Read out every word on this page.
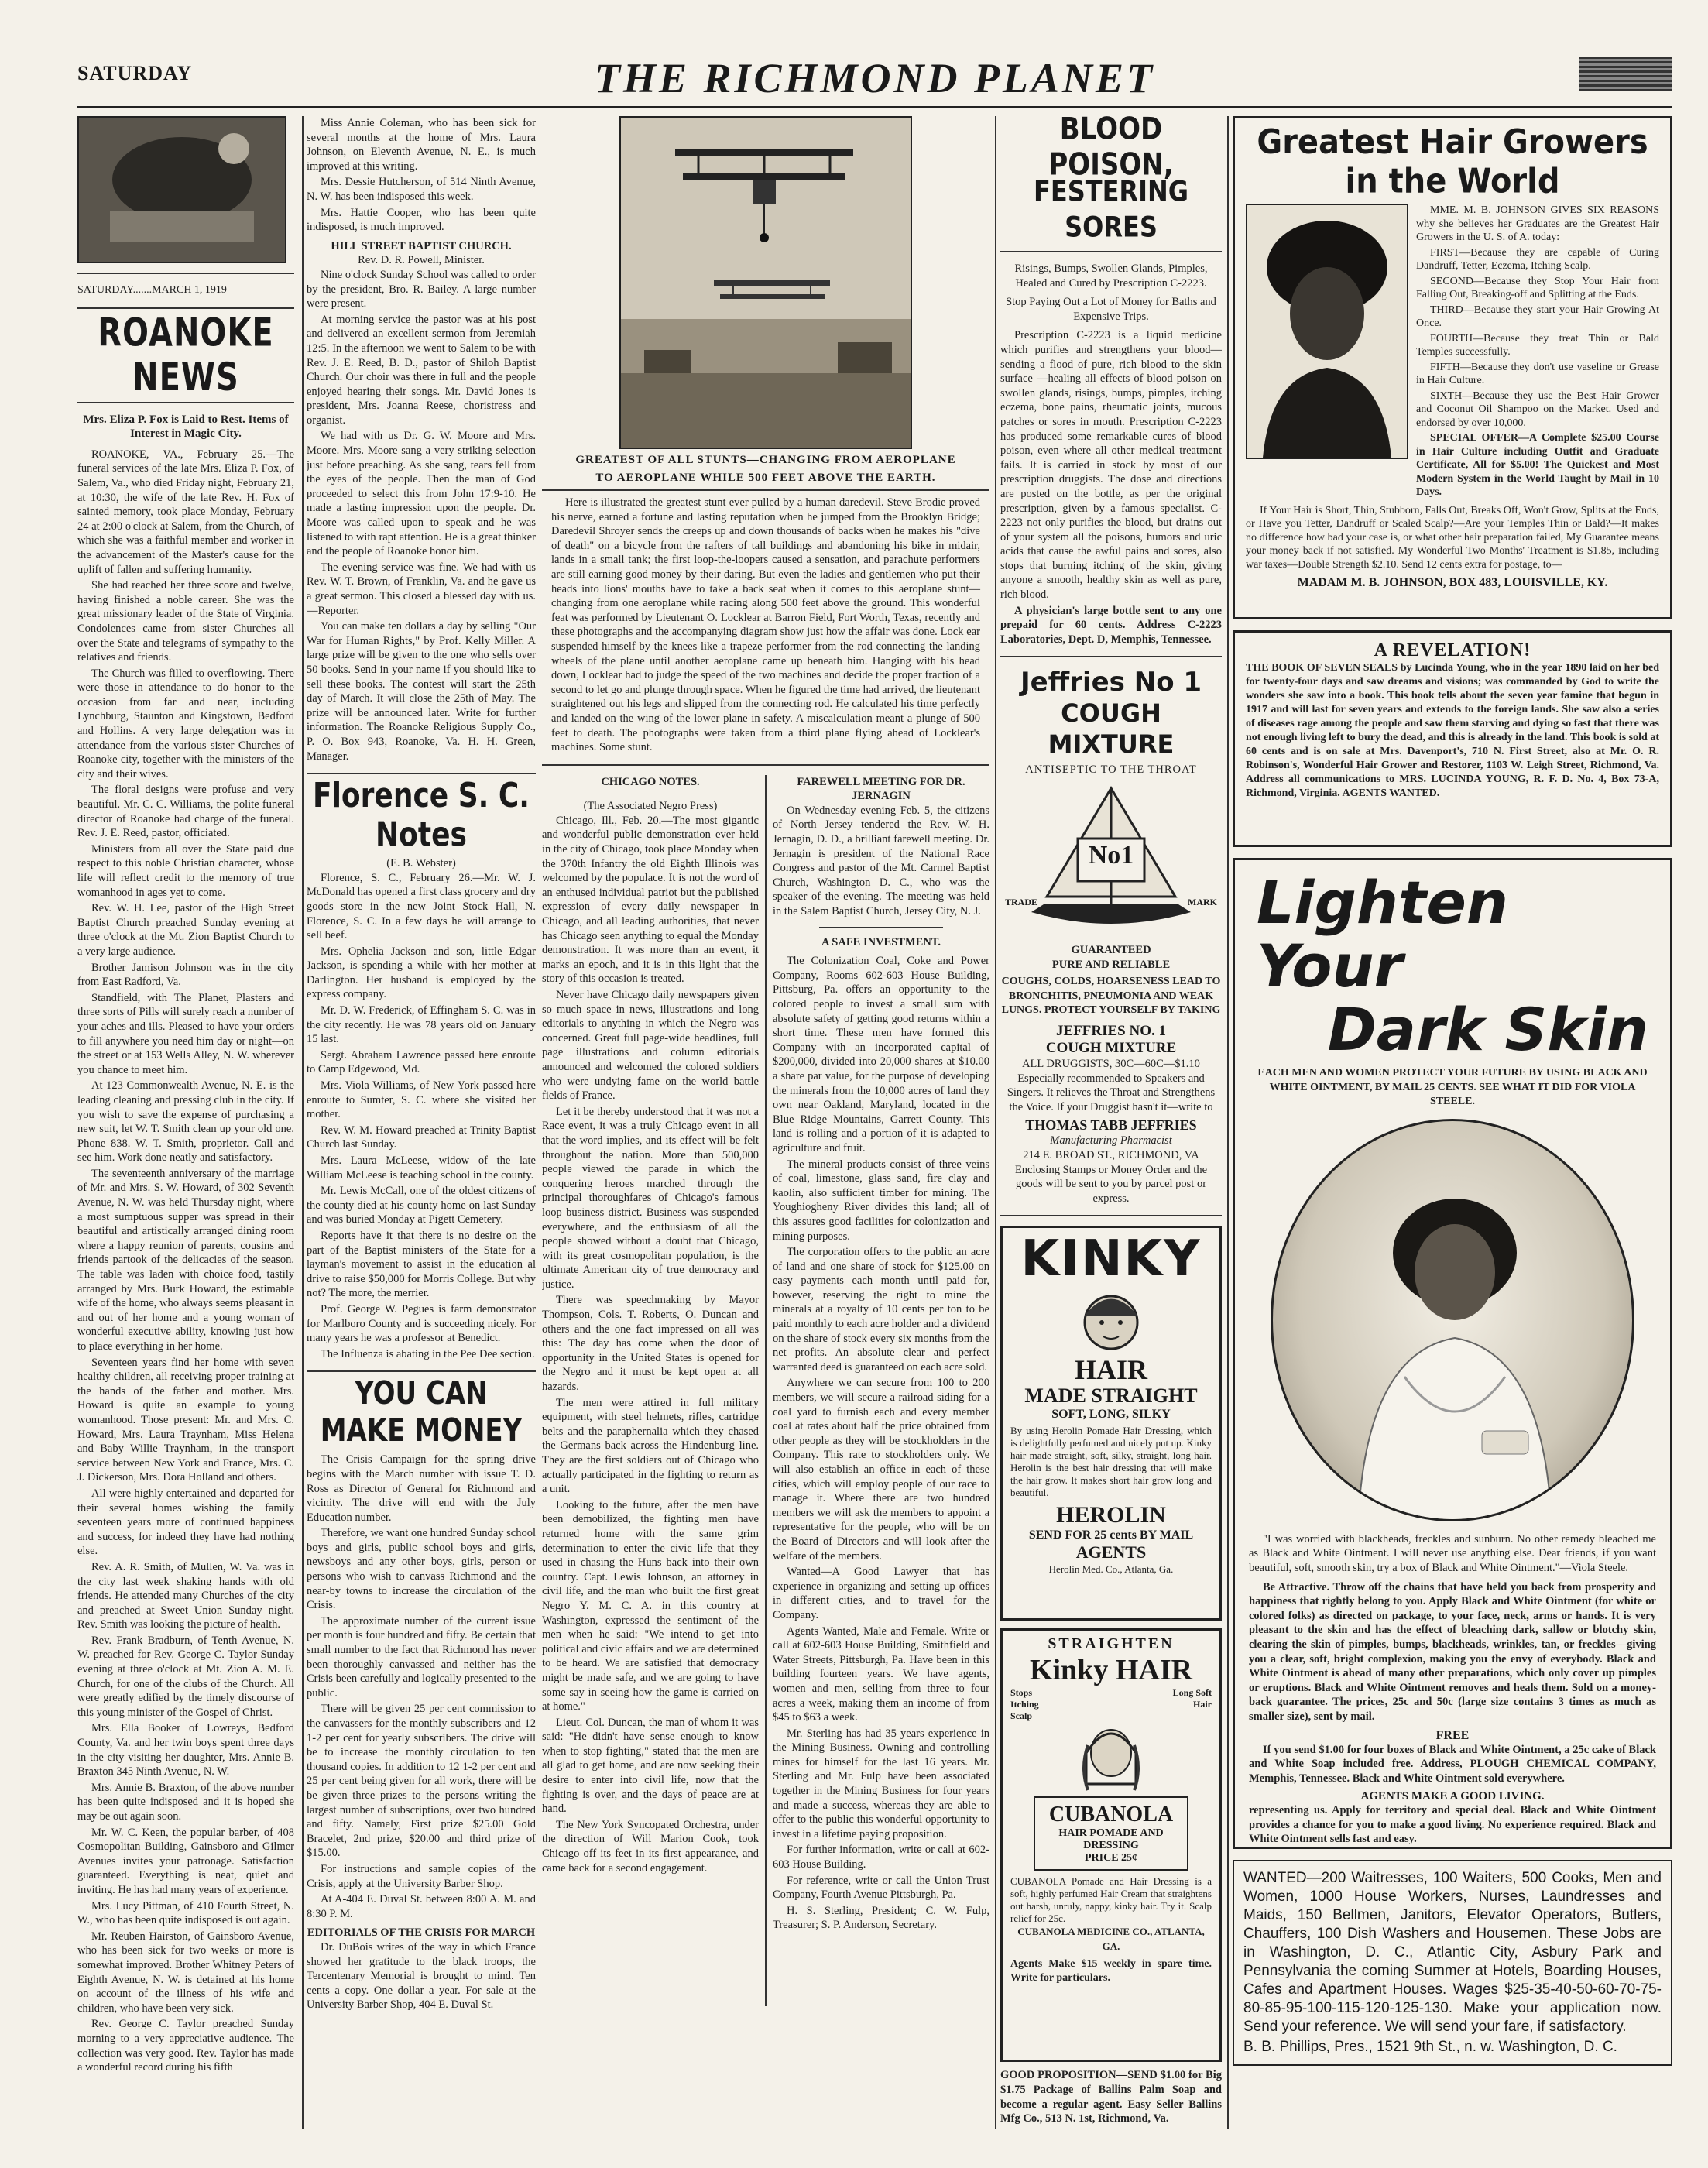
SATURDAY	THE RICHMOND PLANET
SATURDAY.......MARCH 1, 1919
ROANOKE NEWS
Mrs. Eliza P. Fox is Laid to Rest. Items of Interest in Magic City.

ROANOKE, VA., February 25.—The funeral services of the late Mrs. Eliza P. Fox, of Salem, Va., who died Friday night, February 21, at 10:30, the wife of the late Rev. H. Fox of sainted memory, took place Monday, February 24 at 2:00 o'clock at Salem, from the Church, of which she was a faithful member and worker in the advancement of the Master's cause for the uplift of fallen and suffering humanity.

She had reached her three score and twelve, having finished a noble career. She was the great missionary leader of the State of Virginia. Condolences came from sister Churches all over the State and telegrams of sympathy to the relatives and friends.

The Church was filled to overflowing. There were those in attendance to do honor to the occasion from far and near, including Lynchburg, Staunton and Kingstown, Bedford and Hollins. A very large delegation was in attendance from the various sister Churches of Roanoke city, together with the ministers of the city and their wives.

The floral designs were profuse and very beautiful. Mr. C. C. Williams, the polite funeral director of Roanoke had charge of the funeral. Rev. J. E. Reed, pastor, officiated.

Ministers from all over the State paid due respect to this noble Christian character, whose life will reflect credit to the memory of true womanhood in ages yet to come.

Rev. W. H. Lee, pastor of the High Street Baptist Church preached Sunday evening at three o'clock at the Mt. Zion Baptist Church to a very large audience.

Brother Jamison Johnson was in the city from East Radford, Va.

Standfield, with The Planet, Plasters and three sorts of Pills will surely reach a number of your aches and ills. Pleased to have your orders to fill anywhere you need him day or night—on the street or at 153 Wells Alley, N. W. wherever you chance to meet him.

At 123 Commonwealth Avenue, N. E. is the leading cleaning and pressing club in the city. If you wish to save the expense of purchasing a new suit, let W. T. Smith clean up your old one. Phone 838. W. T. Smith, proprietor. Call and see him. Work done neatly and satisfactory.

The seventeenth anniversary of the marriage of Mr. and Mrs. S. W. Howard, of 302 Seventh Avenue, N. W. was held Thursday night, where a most sumptuous supper was spread in their beautiful and artistically arranged dining room where a happy reunion of parents, cousins and friends partook of the delicacies of the season. The table was laden with choice food, tastily arranged by Mrs. Burk Howard, the estimable wife of the home, who always seems pleasant in and out of her home and a young woman of wonderful executive ability, knowing just how to place everything in her home.

Seventeen years find her home with seven healthy children, all receiving proper training at the hands of the father and mother. Mrs. Howard is quite an example to young womanhood. Those present: Mr. and Mrs. C. Howard, Mrs. Laura Traynham, Miss Helena and Baby Willie Traynham, in the transport service between New York and France, Mrs. C. J. Dickerson, Mrs. Dora Holland and others.

All were highly entertained and departed for their several homes wishing the family seventeen years more of continued happiness and success, for indeed they have had nothing else.

Rev. A. R. Smith, of Mullen, W. Va. was in the city last week shaking hands with old friends. He attended many Churches of the city and preached at Sweet Union Sunday night. Rev. Smith was looking the picture of health.

Rev. Frank Bradburn, of Tenth Avenue, N. W. preached for Rev. George C. Taylor Sunday evening at three o'clock at Mt. Zion A. M. E. Church, for one of the clubs of the Church. All were greatly edified by the timely discourse of this young minister of the Gospel of Christ.

Mrs. Ella Booker of Lowreys, Bedford County, Va. and her twin boys spent three days in the city visiting her daughter, Mrs. Annie B. Braxton 345 Ninth Avenue, N. W.

Mrs. Annie B. Braxton, of the above number has been quite indisposed and it is hoped she may be out again soon.

Mr. W. C. Keen, the popular barber, of 408 Cosmopolitan Building, Gainsboro and Gilmer Avenues invites your patronage. Satisfaction guaranteed. Everything is neat, quiet and inviting. He has had many years of experience.

Mrs. Lucy Pittman, of 410 Fourth Street, N. W., who has been quite indisposed is out again.

Mr. Reuben Hairston, of Gainsboro Avenue, who has been sick for two weeks or more is somewhat improved. Brother Whitney Peters of Eighth Avenue, N. W. is detained at his home on account of the illness of his wife and children, who have been very sick.

Rev. George C. Taylor preached Sunday morning to a very appreciative audience. The collection was very good. Rev. Taylor has made a wonderful record during his fifth

Miss Annie Coleman, who has been sick for several months at the home of Mrs. Laura Johnson, on Eleventh Avenue, N. E., is much improved at this writing.

Mrs. Dessie Hutcherson, of 514 Ninth Avenue, N. W. has been indisposed this week.

Mrs. Hattie Cooper, who has been quite indisposed, is much improved.

HILL STREET BAPTIST CHURCH.
Rev. D. R. Powell, Minister.

Nine o'clock Sunday School was called to order by the president, Bro. R. Bailey. A large number were present.

At morning service the pastor was at his post and delivered an excellent sermon from Jeremiah 12:5. In the afternoon we went to Salem to be with Rev. J. E. Reed, B. D., pastor of Shiloh Baptist Church. Our choir was there in full and the people enjoyed hearing their songs. Mr. David Jones is president, Mrs. Joanna Reese, choristress and organist.

We had with us Dr. G. W. Moore and Mrs. Moore. Mrs. Moore sang a very striking selection just before preaching. As she sang, tears fell from the eyes of the people. Then the man of God proceeded to select this from John 17:9-10. He made a lasting impression upon the people. Dr. Moore was called upon to speak and he was listened to with rapt attention. He is a great thinker and the people of Roanoke honor him.

The evening service was fine. We had with us Rev. W. T. Brown, of Franklin, Va. and he gave us a great sermon. This closed a blessed day with us.—Reporter.

You can make ten dollars a day by selling "Our War for Human Rights," by Prof. Kelly Miller. A large prize will be given to the one who sells over 50 books. Send in your name if you should like to sell these books. The contest will start the 25th day of March. It will close the 25th of May. The prize will be announced later. Write for further information. The Roanoke Religious Supply Co., P. O. Box 943, Roanoke, Va. H. H. Green, Manager.

Florence S. C. Notes
(E. B. Webster)

Florence, S. C., February 26.—Mr. W. J. McDonald has opened a first class grocery and dry goods store in the new Joint Stock Hall, N. Florence, S. C. In a few days he will arrange to sell beef.

Mrs. Ophelia Jackson and son, little Edgar Jackson, is spending a while with her mother at Darlington. Her husband is employed by the express company.

Mr. D. W. Frederick, of Effingham S. C. was in the city recently. He was 78 years old on January 15 last.

Sergt. Abraham Lawrence passed here enroute to Camp Edgewood, Md.

Mrs. Viola Williams, of New York passed here enroute to Sumter, S. C. where she visited her mother.

Rev. W. M. Howard preached at Trinity Baptist Church last Sunday.

Mrs. Laura McLeese, widow of the late William McLeese is teaching school in the county.

Mr. Lewis McCall, one of the oldest citizens of the county died at his county home on last Sunday and was buried Monday at Pigett Cemetery.

Reports have it that there is no desire on the part of the Baptist ministers of the State for a layman's movement to assist in the education al drive to raise $50,000 for Morris College. But why not? The more, the merrier.

Prof. George W. Pegues is farm demonstrator for Marlboro County and is succeeding nicely. For many years he was a professor at Benedict.

The Influenza is abating in the Pee Dee section.

YOU CAN MAKE MONEY

The Crisis Campaign for the spring drive begins with the March number with issue T. D. Ross as Director of General for Richmond and vicinity. The drive will end with the July Education number.

Therefore, we want one hundred Sunday school boys and girls, public school boys and girls, newsboys and any other boys, girls, person or persons who wish to canvass Richmond and the near-by towns to increase the circulation of the Crisis.

The approximate number of the current issue per month is four hundred and fifty. Be certain that small number to the fact that Richmond has never been thoroughly canvassed and neither has the Crisis been carefully and logically presented to the public.

There will be given 25 per cent commission to the canvassers for the monthly subscribers and 12 1-2 per cent for yearly subscribers. The drive will be to increase the monthly circulation to ten thousand copies. In addition to 12 1-2 per cent and 25 per cent being given for all work, there will be be given three prizes to the persons writing the largest number of subscriptions, over two hundred and fifty. Namely, First prize $25.00 Gold Bracelet, 2nd prize, $20.00 and third prize of $15.00.

For instructions and sample copies of the Crisis, apply at the University Barber Shop.

At A-404 E. Duval St. between 8:00 A. M. and 8:30 P. M.

EDITORIALS OF THE CRISIS FOR MARCH

Dr. DuBois writes of the way in which France showed her gratitude to the black troops, the Tercentenary Memorial is brought to mind. Ten cents a copy. One dollar a year. For sale at the University Barber Shop, 404 E. Duval St.

GREATEST OF ALL STUNTS—CHANGING FROM AEROPLANE
TO AEROPLANE WHILE 500 FEET ABOVE THE EARTH.

Here is illustrated the greatest stunt ever pulled by a human daredevil. Steve Brodie proved his nerve, earned a fortune and lasting reputation when he jumped from the Brooklyn Bridge; Daredevil Shroyer sends the creeps up and down thousands of backs when he makes his "dive of death" on a bicycle from the rafters of tall buildings and abandoning his bike in midair, lands in a small tank; the first loop-the-loopers caused a sensation, and parachute performers are still earning good money by their daring. But even the ladies and gentlemen who put their heads into lions' mouths have to take a back seat when it comes to this aeroplane stunt—changing from one aeroplane while racing along 500 feet above the ground. This wonderful feat was performed by Lieutenant O. Locklear at Barron Field, Fort Worth, Texas, recently and these photographs and the accompanying diagram show just how the affair was done. Lock ear suspended himself by the knees like a trapeze performer from the rod connecting the landing wheels of the plane until another aeroplane came up beneath him. Hanging with his head down, Locklear had to judge the speed of the two machines and decide the proper fraction of a second to let go and plunge through space. When he figured the time had arrived, the lieutenant straightened out his legs and slipped from the connecting rod. He calculated his time perfectly and landed on the wing of the lower plane in safety. A miscalculation meant a plunge of 500 feet to death. The photographs were taken from a third plane flying ahead of Locklear's machines. Some stunt.

CHICAGO NOTES.
(The Associated Negro Press)

Chicago, Ill., Feb. 20.—The most gigantic and wonderful public demonstration ever held in the city of Chicago, took place Monday when the 370th Infantry the old Eighth Illinois was welcomed by the populace. It is not the word of an enthused individual patriot but the published expression of every daily newspaper in Chicago, and all leading authorities, that never has Chicago seen anything to equal the Monday demonstration. It was more than an event, it marks an epoch, and it is in this light that the story of this occasion is treated.

Never have Chicago daily newspapers given so much space in news, illustrations and long editorials to anything in which the Negro was concerned. Great full page-wide headlines, full page illustrations and column editorials announced and welcomed the colored soldiers who were undying fame on the world battle fields of France.

Let it be thereby understood that it was not a Race event, it was a truly Chicago event in all that the word implies, and its effect will be felt throughout the nation. More than 500,000 people viewed the parade in which the conquering heroes marched through the principal thoroughfares of Chicago's famous loop business district. Business was suspended everywhere, and the enthusiasm of all the people showed without a doubt that Chicago, with its great cosmopolitan population, is the ultimate American city of true democracy and justice.

There was speechmaking by Mayor Thompson, Cols. T. Roberts, O. Duncan and others and the one fact impressed on all was this: The day has come when the door of opportunity in the United States is opened for the Negro and it must be kept open at all hazards.

The men were attired in full military equipment, with steel helmets, rifles, cartridge belts and the paraphernalia which they chased the Germans back across the Hindenburg line. They are the first soldiers out of Chicago who actually participated in the fighting to return as a unit.

Looking to the future, after the men have been demobilized, the fighting men have returned home with the same grim determination to enter the civic life that they used in chasing the Huns back into their own country. Capt. Lewis Johnson, an attorney in civil life, and the man who built the first great Negro Y. M. C. A. in this country at Washington, expressed the sentiment of the men when he said: "We intend to get into political and civic affairs and we are determined to be heard. We are satisfied that democracy might be made safe, and we are going to have some say in seeing how the game is carried on at home."

Lieut. Col. Duncan, the man of whom it was said: "He didn't have sense enough to know when to stop fighting," stated that the men are all glad to get home, and are now seeking their desire to enter into civil life, now that the fighting is over, and the days of peace are at hand.

The New York Syncopated Orchestra, under the direction of Will Marion Cook, took Chicago off its feet in its first appearance, and came back for a second engagement.

FAREWELL MEETING FOR DR. JERNAGIN

On Wednesday evening Feb. 5, the citizens of North Jersey tendered the Rev. W. H. Jernagin, D. D., a brilliant farewell meeting. Dr. Jernagin is president of the National Race Congress and pastor of the Mt. Carmel Baptist Church, Washington D. C., who was the speaker of the evening. The meeting was held in the Salem Baptist Church, Jersey City, N. J.

A SAFE INVESTMENT.

The Colonization Coal, Coke and Power Company, Rooms 602-603 House Building, Pittsburg, Pa. offers an opportunity to the colored people to invest a small sum with absolute safety of getting good returns within a short time. These men have formed this Company with an incorporated capital of $200,000, divided into 20,000 shares at $10.00 a share par value, for the purpose of developing the minerals from the 10,000 acres of land they own near Oakland, Maryland, located in the Blue Ridge Mountains, Garrett County. This land is rolling and a portion of it is adapted to agriculture and fruit.

The mineral products consist of three veins of coal, limestone, glass sand, fire clay and kaolin, also sufficient timber for mining. The Youghiogheny River divides this land; all of this assures good facilities for colonization and mining purposes.

The corporation offers to the public an acre of land and one share of stock for $125.00 on easy payments each month until paid for, however, reserving the right to mine the minerals at a royalty of 10 cents per ton to be paid monthly to each acre holder and a dividend on the share of stock every six months from the net profits. An absolute clear and perfect warranted deed is guaranteed on each acre sold.

Anywhere we can secure from 100 to 200 members, we will secure a railroad siding for a coal yard to furnish each and every member coal at rates about half the price obtained from other people as they will be stockholders in the Company. This rate to stockholders only. We will also establish an office in each of these cities, which will employ people of our race to manage it. Where there are two hundred members we will ask the members to appoint a representative for the people, who will be on the Board of Directors and will look after the welfare of the members.

Wanted—A Good Lawyer that has experience in organizing and setting up offices in different cities, and to travel for the Company.

Agents Wanted, Male and Female. Write or call at 602-603 House Building, Smithfield and Water Streets, Pittsburgh, Pa. Have been in this building fourteen years. We have agents, women and men, selling from three to four acres a week, making them an income of from $45 to $63 a week.

Mr. Sterling has had 35 years experience in the Mining Business. Owning and controlling mines for himself for the last 16 years. Mr. Sterling and Mr. Fulp have been associated together in the Mining Business for four years and made a success, whereas they are able to offer to the public this wonderful opportunity to invest in a lifetime paying proposition.

For further information, write or call at 602-603 House Building.

For reference, write or call the Union Trust Company, Fourth Avenue Pittsburgh, Pa.

H. S. Sterling, President; C. W. Fulp, Treasurer; S. P. Anderson, Secretary.

BLOOD POISON,
FESTERING SORES
Risings, Bumps, Swollen Glands, Pimples, Healed and Cured by Prescription C-2223.
Stop Paying Out a Lot of Money for Baths and Expensive Trips.

Prescription C-2223 is a liquid medicine which purifies and strengthens your blood—sending a flood of pure, rich blood to the skin surface —healing all effects of blood poison on swollen glands, risings, bumps, pimples, itching eczema, bone pains, rheumatic joints, mucous patches or sores in mouth. Prescription C-2223 has produced some remarkable cures of blood poison, even where all other medical treatment fails. It is carried in stock by most of our prescription druggists. The dose and directions are posted on the bottle, as per the original prescription, given by a famous specialist. C-2223 not only purifies the blood, but drains out of your system all the poisons, humors and uric acids that cause the awful pains and sores, also stops that burning itching of the skin, giving anyone a smooth, healthy skin as well as pure, rich blood.

A physician's large bottle sent to any one prepaid for 60 cents. Address C-2223 Laboratories, Dept. D, Memphis, Tennessee.

Jeffries No 1
COUGH MIXTURE
ANTISEPTIC TO THE THROAT
No1
TRADE	MARK
GUARANTEED
PURE AND RELIABLE
COUGHS, COLDS, HOARSENESS LEAD TO BRONCHITIS, PNEUMONIA AND WEAK LUNGS. PROTECT YOURSELF BY TAKING
JEFFRIES NO. 1
COUGH MIXTURE
ALL DRUGGISTS, 30C—60C—$1.10 Especially recommended to Speakers and Singers. It relieves the Throat and Strengthens the Voice. If your Druggist hasn't it—write to
THOMAS TABB JEFFRIES
Manufacturing Pharmacist
214 E. BROAD ST., RICHMOND, VA Enclosing Stamps or Money Order and the goods will be sent to you by parcel post or express.
KINKY
HAIR
MADE STRAIGHT
SOFT, LONG, SILKY
By using Herolin Pomade Hair Dressing, which is delightfully perfumed and nicely put up. Kinky hair made straight, soft, silky, straight, long hair. Herolin is the best hair dressing that will make the hair grow. It makes short hair grow long and beautiful.
HEROLIN
SEND FOR 25 cents BY MAIL
AGENTS
Herolin Med. Co., Atlanta, Ga.
STRAIGHTEN
Kinky HAIR
Stops Itching Scalp
Long Soft Hair
CUBANOLA
HAIR POMADE AND DRESSING
PRICE 25¢
CUBANOLA Pomade and Hair Dressing is a soft, highly perfumed Hair Cream that straightens out harsh, unruly, nappy, kinky hair. Try it. Scalp relief for 25c.
CUBANOLA MEDICINE CO., ATLANTA, GA.
Agents Make $15 weekly in spare time. Write for particulars.
GOOD PROPOSITION—SEND $1.00 for Big $1.75 Package of Ballins Palm Soap and become a regular agent. Easy Seller Ballins Mfg Co., 513 N. 1st, Richmond, Va.
Greatest Hair Growers in the World

MME. M. B. JOHNSON GIVES SIX REASONS why she believes her Graduates are the Greatest Hair Growers in the U. S. of A. today:

FIRST—Because they are capable of Curing Dandruff, Tetter, Eczema, Itching Scalp.

SECOND—Because they Stop Your Hair from Falling Out, Breaking-off and Splitting at the Ends.

THIRD—Because they start your Hair Growing At Once.

FOURTH—Because they treat Thin or Bald Temples successfully.

FIFTH—Because they don't use vaseline or Grease in Hair Culture.

SIXTH—Because they use the Best Hair Grower and Coconut Oil Shampoo on the Market. Used and endorsed by over 10,000.

SPECIAL OFFER—A Complete $25.00 Course in Hair Culture including Outfit and Graduate Certificate, All for $5.00! The Quickest and Most Modern System in the World Taught by Mail in 10 Days.

If Your Hair is Short, Thin, Stubborn, Falls Out, Breaks Off, Won't Grow, Splits at the Ends, or Have you Tetter, Dandruff or Scaled Scalp?—Are your Temples Thin or Bald?—It makes no difference how bad your case is, or what other hair preparation failed, My Guarantee means your money back if not satisfied. My Wonderful Two Months' Treatment is $1.85, including war taxes—Double Strength $2.10. Send 12 cents extra for postage, to—

MADAM M. B. JOHNSON, BOX 483, LOUISVILLE, KY.
A REVELATION!
THE BOOK OF SEVEN SEALS by Lucinda Young, who in the year 1890 laid on her bed for twenty-four days and saw dreams and visions; was commanded by God to write the wonders she saw into a book. This book tells about the seven year famine that begun in 1917 and will last for seven years and extends to the foreign lands. She saw also a series of diseases rage among the people and saw them starving and dying so fast that there was not enough living left to bury the dead, and this is already in the land. This book is sold at 60 cents and is on sale at Mrs. Davenport's, 710 N. First Street, also at Mr. O. R. Robinson's, Wonderful Hair Grower and Restorer, 1103 W. Leigh Street, Richmond, Va. Address all communications to MRS. LUCINDA YOUNG, R. F. D. No. 4, Box 73-A, Richmond, Virginia. AGENTS WANTED.
Lighten Your
Dark Skin
EACH MEN AND WOMEN PROTECT YOUR FUTURE BY USING BLACK AND WHITE OINTMENT, BY MAIL 25 CENTS. SEE WHAT IT DID FOR VIOLA STEELE.

"I was worried with blackheads, freckles and sunburn. No other remedy bleached me as Black and White Ointment. I will never use anything else. Dear friends, if you want beautiful, soft, smooth skin, try a box of Black and White Ointment."—Viola Steele.

Be Attractive. Throw off the chains that have held you back from prosperity and happiness that rightly belong to you. Apply Black and White Ointment (for white or colored folks) as directed on package, to your face, neck, arms or hands. It is very pleasant to the skin and has the effect of bleaching dark, sallow or blotchy skin, clearing the skin of pimples, bumps, blackheads, wrinkles, tan, or freckles—giving you a clear, soft, bright complexion, making you the envy of everybody. Black and White Ointment is ahead of many other preparations, which only cover up pimples or eruptions. Black and White Ointment removes and heals them. Sold on a money-back guarantee. The prices, 25c and 50c (large size contains 3 times as much as smaller size), sent by mail.

FREE

If you send $1.00 for four boxes of Black and White Ointment, a 25c cake of Black and White Soap included free. Address, PLOUGH CHEMICAL COMPANY, Memphis, Tennessee. Black and White Ointment sold everywhere.

AGENTS MAKE A GOOD LIVING.
representing us. Apply for territory and special deal. Black and White Ointment provides a chance for you to make a good living. No experience required. Black and White Ointment sells fast and easy.
WANTED—200 Waitresses, 100 Waiters, 500 Cooks, Men and Women, 1000 House Workers, Nurses, Laundresses and Maids, 150 Bellmen, Janitors, Elevator Operators, Butlers, Chauffers, 100 Dish Washers and Housemen. These Jobs are in Washington, D. C., Atlantic City, Asbury Park and Pennsylvania the coming Summer at Hotels, Boarding Houses, Cafes and Apartment Houses. Wages $25-35-40-50-60-70-75-80-85-95-100-115-120-125-130. Make your application now. Send your reference. We will send your fare, if satisfactory.
B. B. Phillips, Pres., 1521 9th St., n. w. Washington, D. C.
